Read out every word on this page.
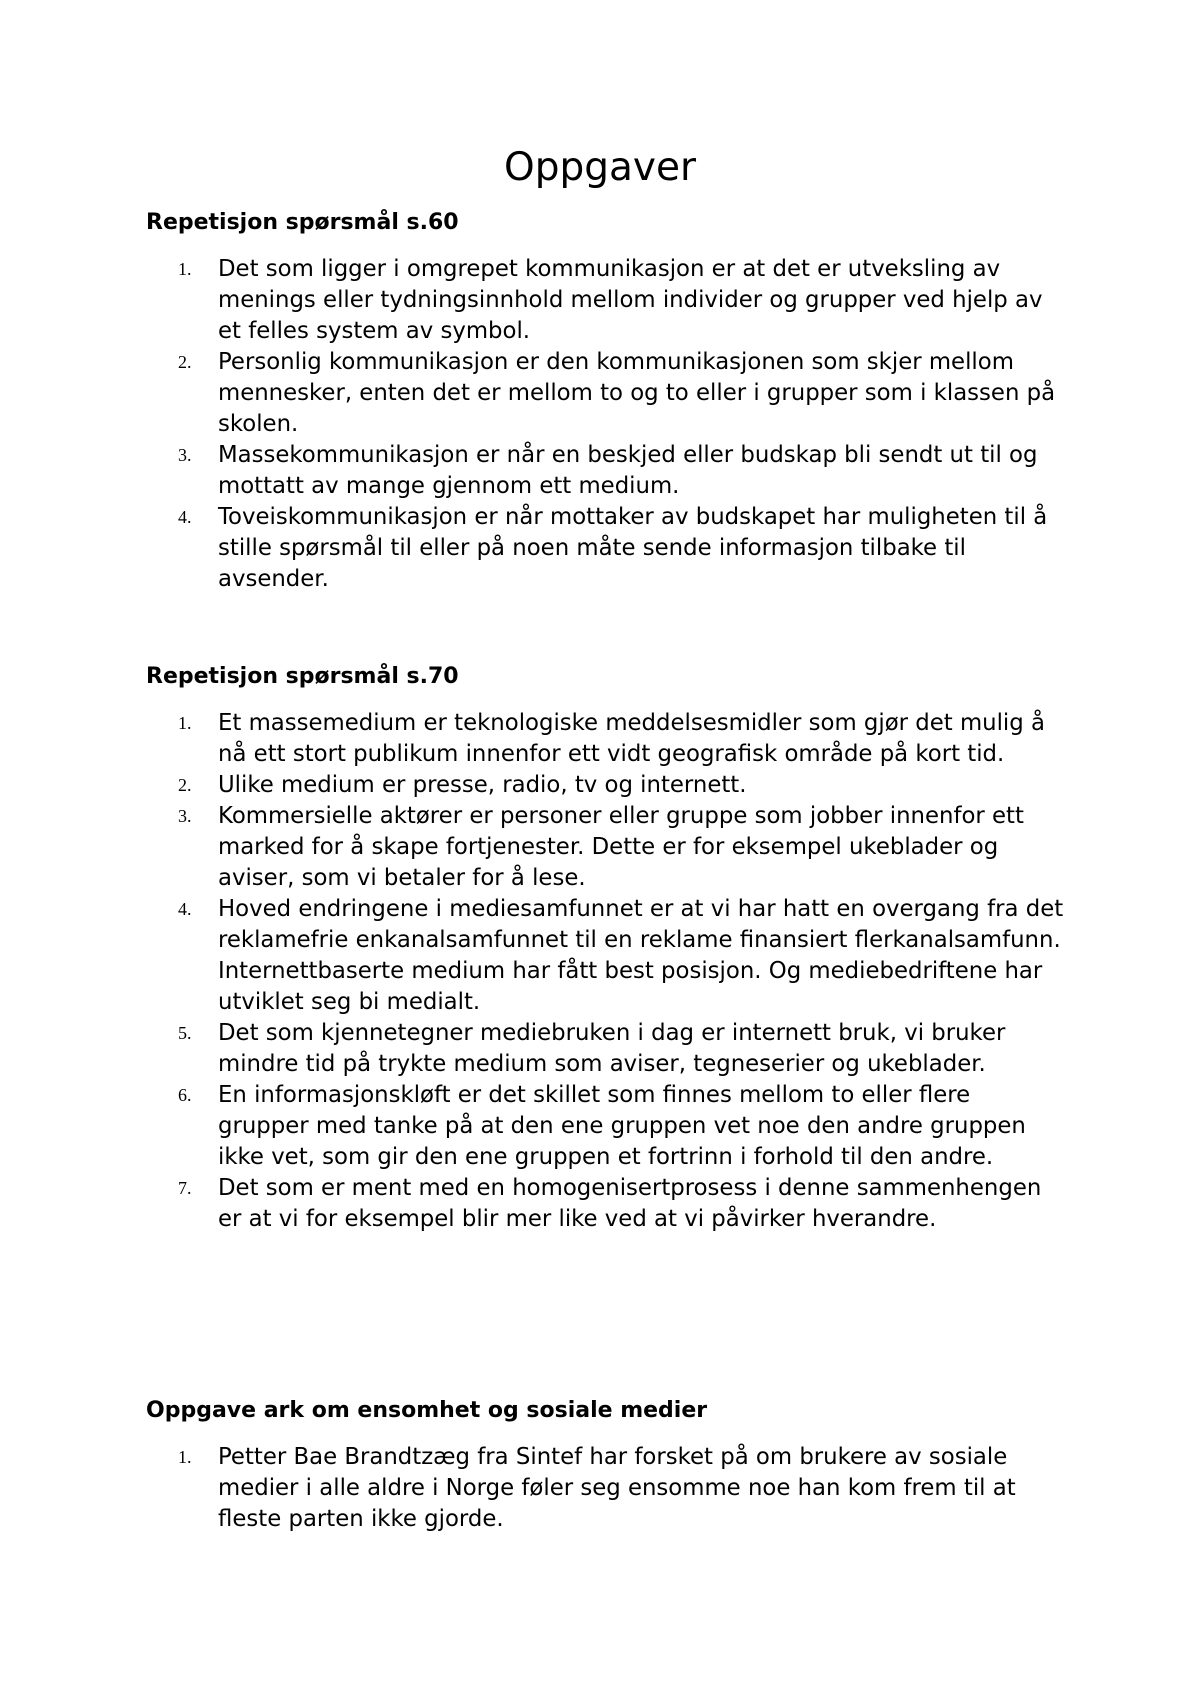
Oppgaver
Repetisjon spørsmål s.60
1. Det som ligger i omgrepet kommunikasjon er at det er utveksling av menings eller tydningsinnhold mellom individer og grupper ved hjelp av et felles system av symbol.
2. Personlig kommunikasjon er den kommunikasjonen som skjer mellom mennesker, enten det er mellom to og to eller i grupper som i klassen på skolen.
3. Massekommunikasjon er når en beskjed eller budskap bli sendt ut til og mottatt av mange gjennom ett medium.
4. Toveiskommunikasjon er når mottaker av budskapet har muligheten til å stille spørsmål til eller på noen måte sende informasjon tilbake til avsender.
Repetisjon spørsmål s.70
1. Et massemedium er teknologiske meddelsesmidler som gjør det mulig å nå ett stort publikum innenfor ett vidt geografisk område på kort tid.
2. Ulike medium er presse, radio, tv og internett.
3. Kommersielle aktører er personer eller gruppe som jobber innenfor ett marked for å skape fortjenester. Dette er for eksempel ukeblader og aviser, som vi betaler for å lese.
4. Hoved endringene i mediesamfunnet er at vi har hatt en overgang fra det reklamefrie enkanalsamfunnet til en reklame finansiert flerkanalsamfunn. Internettbaserte medium har fått best posisjon. Og mediebedriftene har utviklet seg bi medialt.
5. Det som kjennetegner mediebruken i dag er internett bruk, vi bruker mindre tid på trykte medium som aviser, tegneserier og ukeblader.
6. En informasjonskløft er det skillet som finnes mellom to eller flere grupper med tanke på at den ene gruppen vet noe den andre gruppen ikke vet, som gir den ene gruppen et fortrinn i forhold til den andre.
7. Det som er ment med en homogenisertprosess i denne sammenhengen er at vi for eksempel blir mer like ved at vi påvirker hverandre.
Oppgave ark om ensomhet og sosiale medier
1. Petter Bae Brandtzæg fra Sintef har forsket på om brukere av sosiale medier i alle aldre i Norge føler seg ensomme noe han kom frem til at fleste parten ikke gjorde.
